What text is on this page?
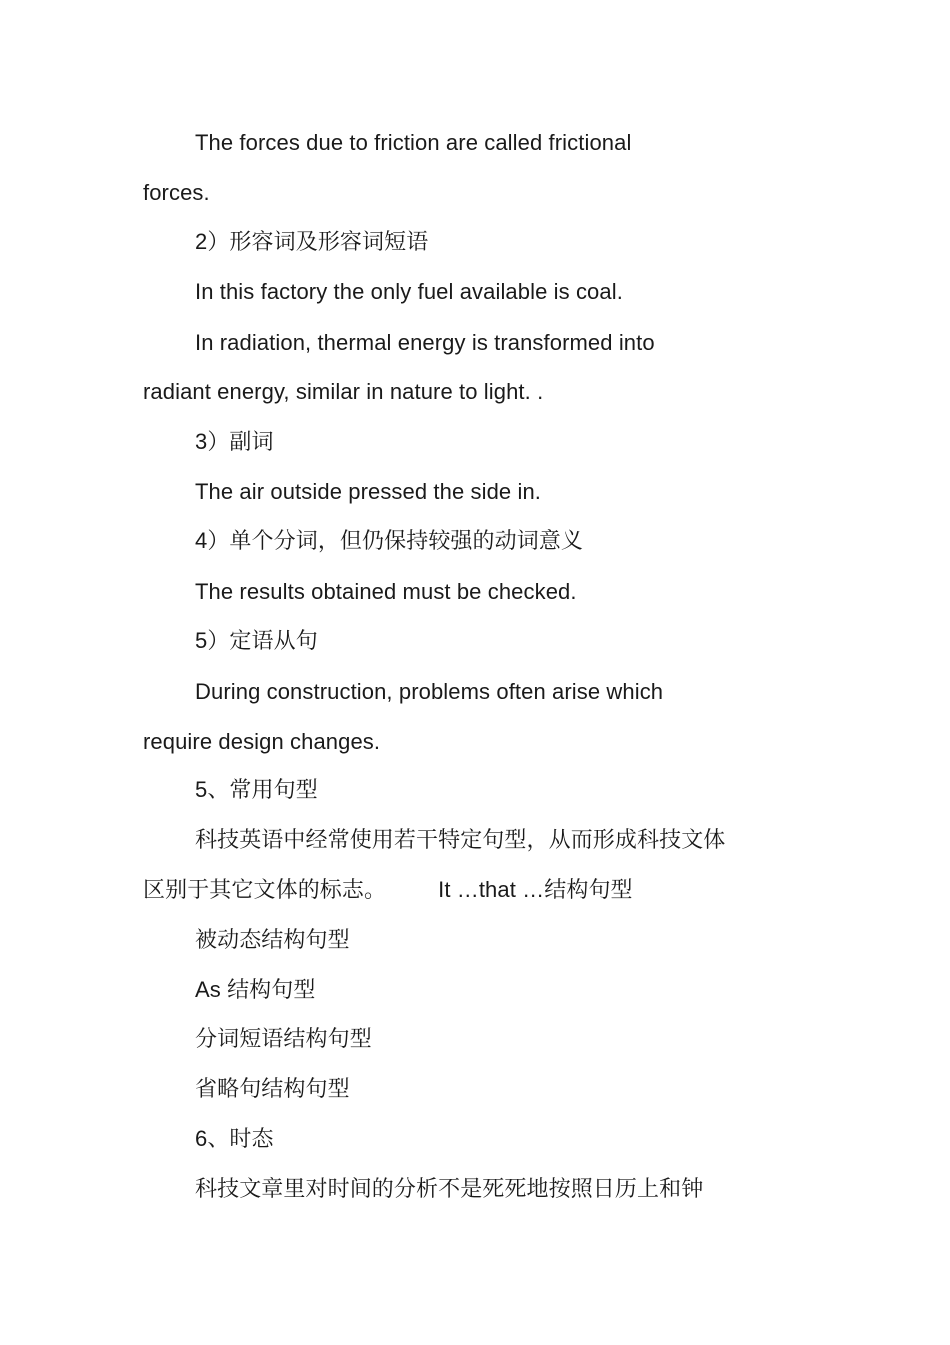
The forces due to friction are called frictional
forces.
2）形容词及形容词短语
In this factory the only fuel available is coal.
In radiation, thermal energy is transformed into
radiant energy, similar in nature to light. .
3）副词
The air outside pressed the side in.
4）单个分词，但仍保持较强的动词意义
The results obtained must be checked.
5）定语从句
During construction, problems often arise which
require design changes.
5、常用句型
科技英语中经常使用若干特定句型，从而形成科技文体
区别于其它文体的标志。 It …that …结构句型
被动态结构句型
As 结构句型
分词短语结构句型
省略句结构句型
6、时态
科技文章里对时间的分析不是死死地按照日历上和钟
